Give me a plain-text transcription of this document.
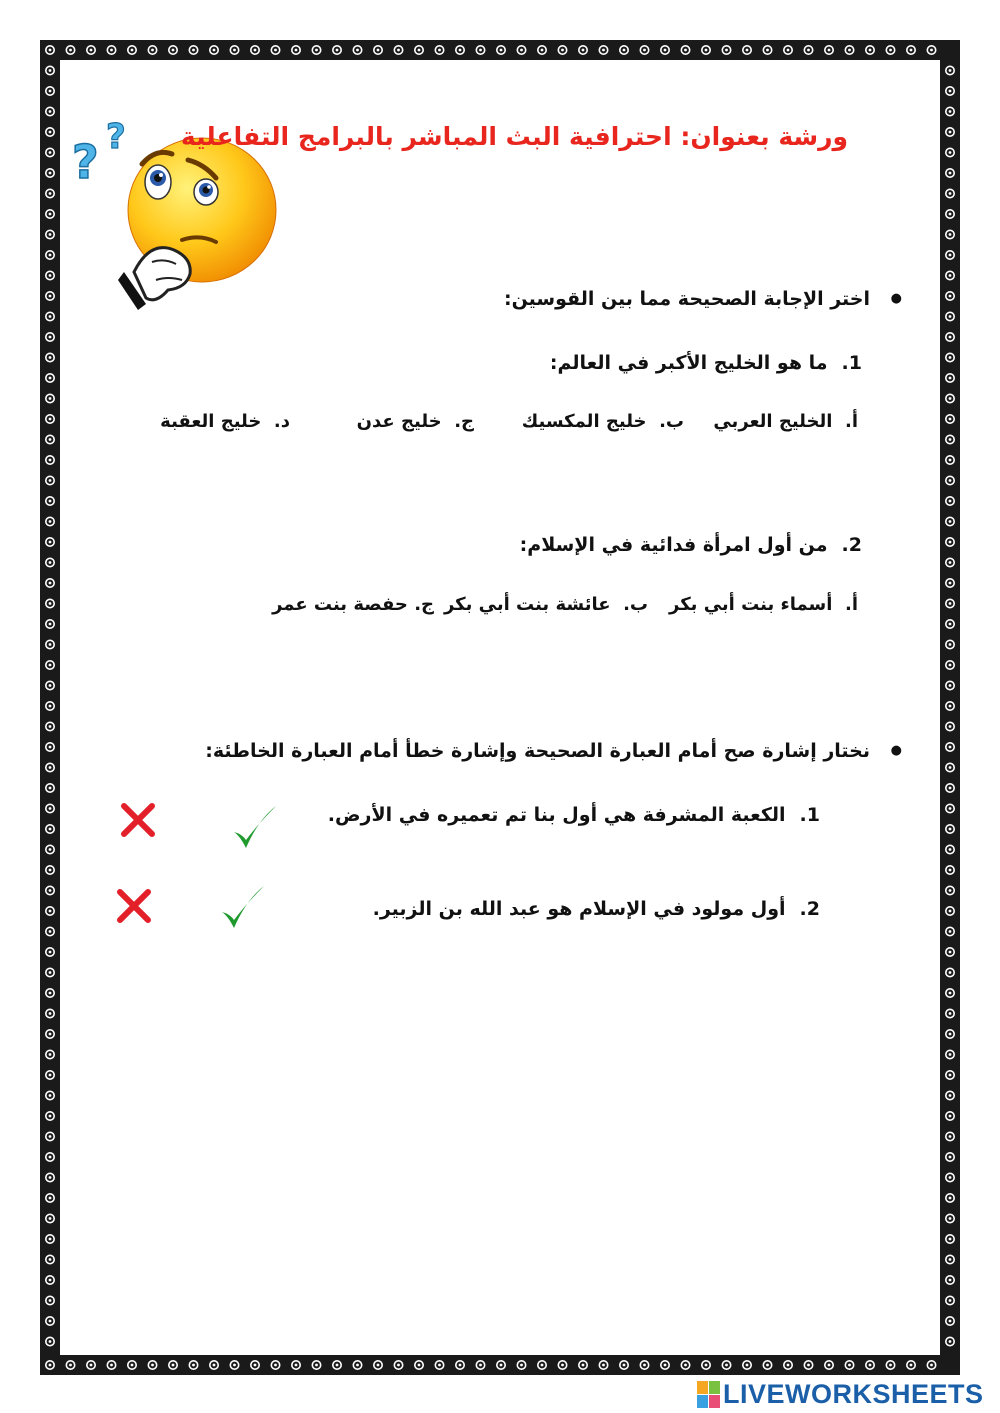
? ? ورشة بعنوان: احترافية البث المباشر بالبرامج التفاعلية
● اختر الإجابة الصحيحة مما بين القوسين:
1.ما هو الخليج الأكبر في العالم:
أ.  الخليج العربي
ب.  خليج المكسيك
ج.  خليج عدن
د.  خليج العقبة
2.من أول امرأة فدائية في الإسلام:
أ.  أسماء بنت أبي بكر
ب.  عائشة بنت أبي بكر
ج. حفصة بنت عمر
● نختار إشارة صح أمام العبارة الصحيحة وإشارة خطأ أمام العبارة الخاطئة:
1.الكعبة المشرفة هي أول بنا تم تعميره في الأرض.
2.أول مولود في الإسلام هو عبد الله بن الزبير.
LIVEWORKSHEETS
